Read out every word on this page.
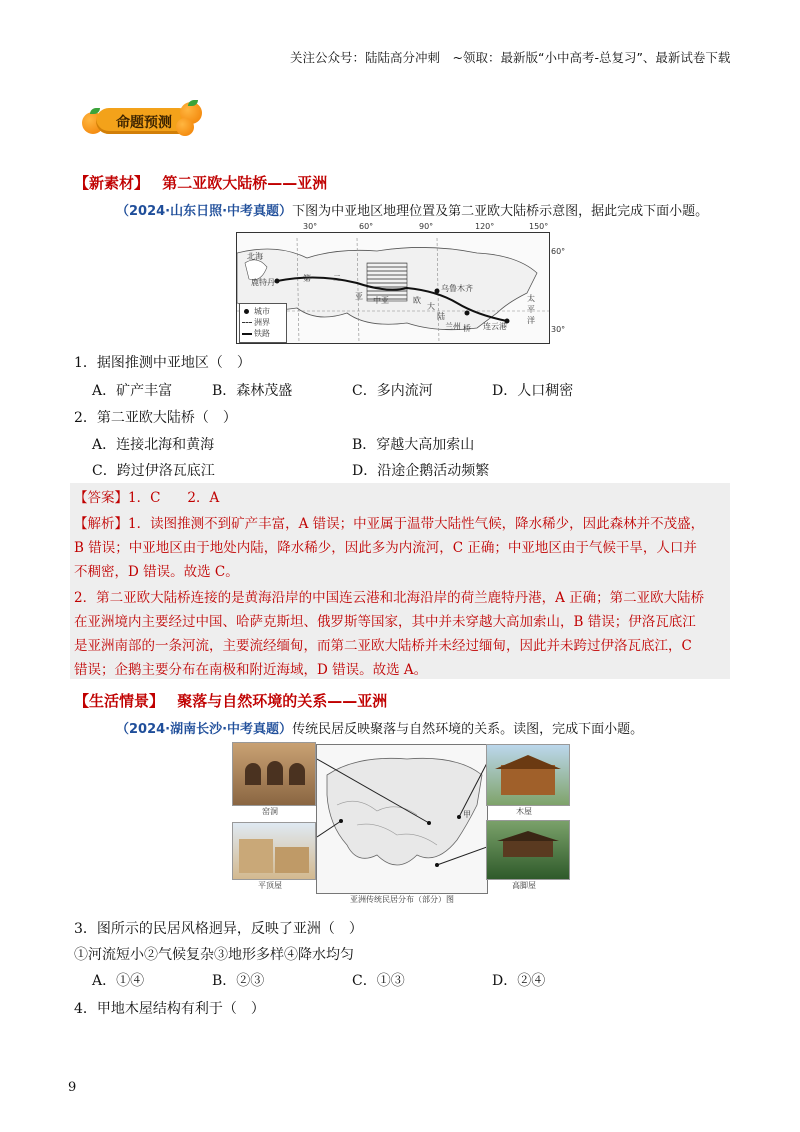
关注公众号：陆陆高分冲刺　~领取：最新版“小中高考-总复习”、最新试卷下载
命题预测
【新素材】 第二亚欧大陆桥——亚洲
（2024·山东日照·中考真题）下图为中亚地区地理位置及第二亚欧大陆桥示意图，据此完成下面小题。
30°	60°	90°	120°	150°
60°
30°
北海
鹿特丹	第	二
中亚
亚	欧
乌鲁木齐
大
陆
兰州 桥 连云港
太平洋
城市
洲界
铁路
1．据图推测中亚地区（　）
A．矿产丰富	B．森林茂盛	C．多内流河	D．人口稠密
2．第二亚欧大陆桥（　）
A．连接北海和黄海	B．穿越大高加索山
C．跨过伊洛瓦底江	D．沿途企鹅活动频繁
【答案】1．C　　2．A
【解析】1．读图推测不到矿产丰富，A 错误；中亚属于温带大陆性气候，降水稀少，因此森林并不茂盛，
B 错误；中亚地区由于地处内陆，降水稀少，因此多为内流河，C 正确；中亚地区由于气候干旱，人口并
不稠密，D 错误。故选 C。
2．第二亚欧大陆桥连接的是黄海沿岸的中国连云港和北海沿岸的荷兰鹿特丹港，A 正确；第二亚欧大陆桥
在亚洲境内主要经过中国、哈萨克斯坦、俄罗斯等国家，其中并未穿越大高加索山，B 错误；伊洛瓦底江
是亚洲南部的一条河流，主要流经缅甸，而第二亚欧大陆桥并未经过缅甸，因此并未跨过伊洛瓦底江，C
错误；企鹅主要分布在南极和附近海域，D 错误。故选 A。
【生活情景】 聚落与自然环境的关系——亚洲
（2024·湖南长沙·中考真题）传统民居反映聚落与自然环境的关系。读图，完成下面小题。
甲
窑洞	木屋
平顶屋	高脚屋
亚洲传统民居分布（部分）图
3．图所示的民居风格迥异，反映了亚洲（　）
①河流短小②气候复杂③地形多样④降水均匀
A．①④	B．②③	C．①③	D．②④
4．甲地木屋结构有利于（　）
9
